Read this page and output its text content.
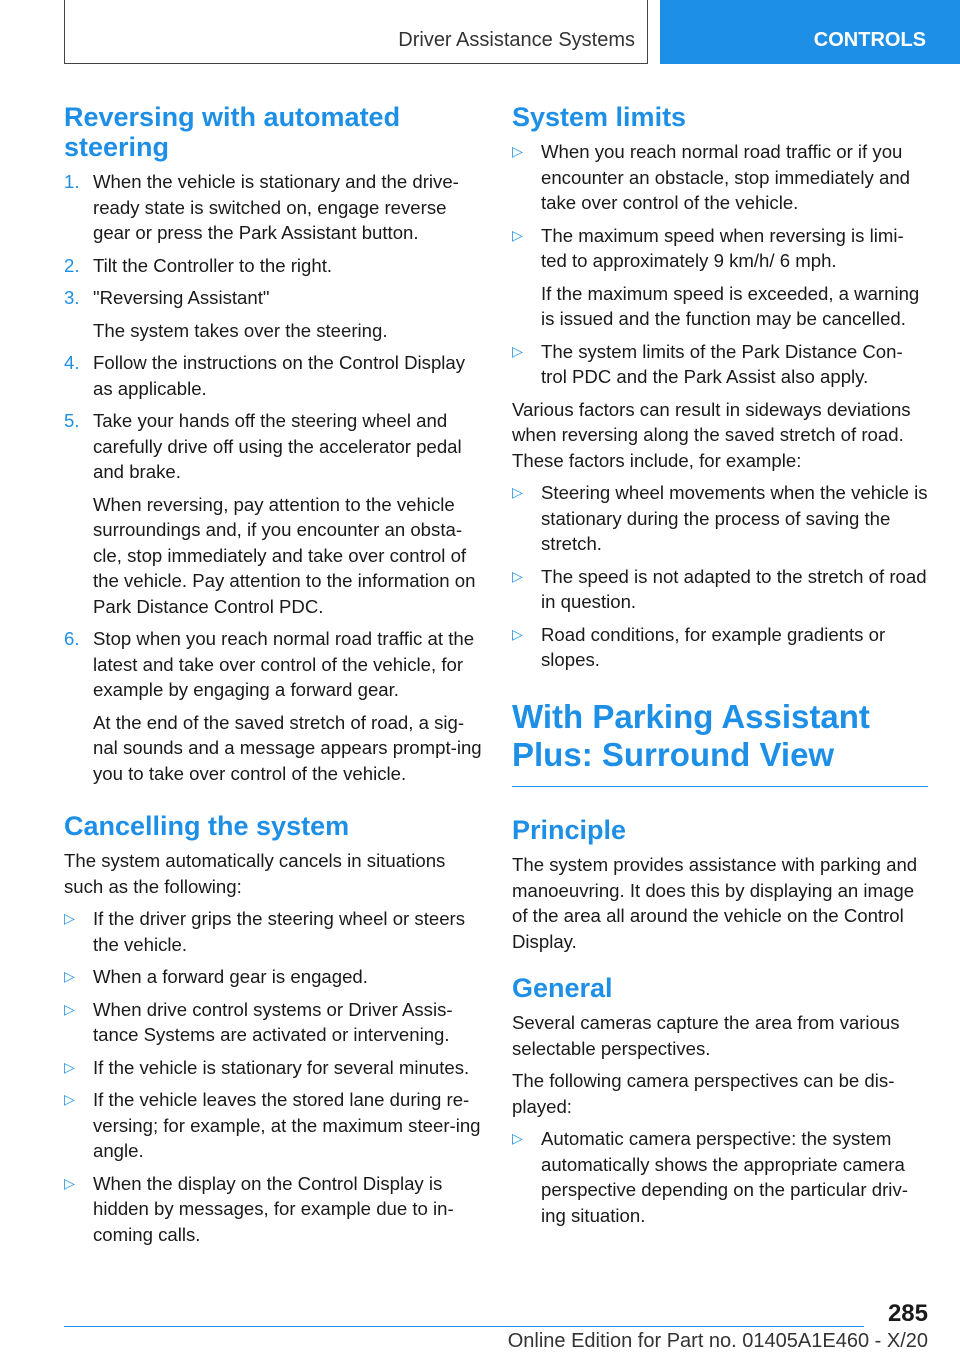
Driver Assistance Systems	CONTROLS
Reversing with automated steering
1. When the vehicle is stationary and the drive-ready state is switched on, engage reverse gear or press the Park Assistant button.
2. Tilt the Controller to the right.
3. "Reversing Assistant"
The system takes over the steering.
4. Follow the instructions on the Control Display as applicable.
5. Take your hands off the steering wheel and carefully drive off using the accelerator pedal and brake.
When reversing, pay attention to the vehicle surroundings and, if you encounter an obsta-cle, stop immediately and take over control of the vehicle. Pay attention to the information on Park Distance Control PDC.
6. Stop when you reach normal road traffic at the latest and take over control of the vehicle, for example by engaging a forward gear.
At the end of the saved stretch of road, a sig-nal sounds and a message appears prompt-ing you to take over control of the vehicle.
Cancelling the system

The system automatically cancels in situations such as the following:

▷ If the driver grips the steering wheel or steers the vehicle.
▷ When a forward gear is engaged.
▷ When drive control systems or Driver Assis-tance Systems are activated or intervening.
▷ If the vehicle is stationary for several minutes.
▷ If the vehicle leaves the stored lane during re-versing; for example, at the maximum steer-ing angle.
▷ When the display on the Control Display is hidden by messages, for example due to in-coming calls.
System limits
▷ When you reach normal road traffic or if you encounter an obstacle, stop immediately and take over control of the vehicle.
▷ The maximum speed when reversing is limi-ted to approximately 9 km/h/ 6 mph.
If the maximum speed is exceeded, a warning is issued and the function may be cancelled.
▷ The system limits of the Park Distance Con-trol PDC and the Park Assist also apply.

Various factors can result in sideways deviations when reversing along the saved stretch of road. These factors include, for example:

▷ Steering wheel movements when the vehicle is stationary during the process of saving the stretch.
▷ The speed is not adapted to the stretch of road in question.
▷ Road conditions, for example gradients or slopes.
With Parking Assistant Plus: Surround View
Principle

The system provides assistance with parking and manoeuvring. It does this by displaying an image of the area all around the vehicle on the Control Display.

General

Several cameras capture the area from various selectable perspectives.

The following camera perspectives can be dis-played:

▷ Automatic camera perspective: the system automatically shows the appropriate camera perspective depending on the particular driv-ing situation.
285
Online Edition for Part no. 01405A1E460 - X/20
